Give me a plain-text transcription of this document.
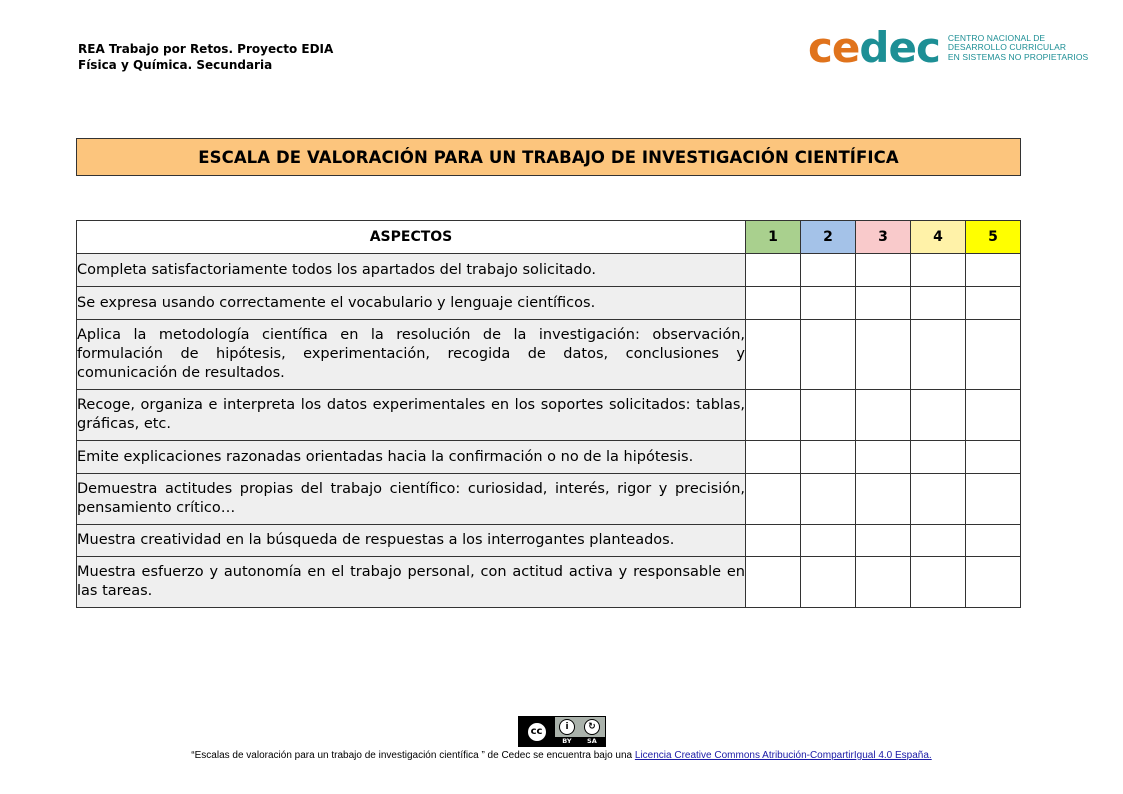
REA Trabajo por Retos. Proyecto EDIA
Física y Química. Secundaria	cedec CENTRO NACIONAL DE
DESARROLLO CURRICULAR
EN SISTEMAS NO PROPIETARIOS
ESCALA DE VALORACIÓN PARA UN TRABAJO DE INVESTIGACIÓN CIENTÍFICA
ASPECTOS	1	2	3	4	5
Completa satisfactoriamente todos los apartados del trabajo solicitado.					
Se expresa usando correctamente el vocabulario y lenguaje científicos.					
Aplica la metodología científica en la resolución de la investigación: observación, formulación de hipótesis, experimentación, recogida de datos, conclusiones y comunicación de resultados.					
Recoge, organiza e interpreta los datos experimentales en los soportes solicitados: tablas, gráficas, etc.					
Emite explicaciones razonadas orientadas hacia la confirmación o no de la hipótesis.					
Demuestra actitudes propias del trabajo científico: curiosidad, interés, rigor y precisión, pensamiento crítico…					
Muestra creatividad en la búsqueda de respuestas a los interrogantes planteados.					
Muestra esfuerzo y autonomía en el trabajo personal, con actitud activa y responsable en las tareas.					
cc	i	↻
BY SA
“Escalas de valoración para un trabajo de investigación científica ” de Cedec se encuentra bajo una Licencia Creative Commons Atribución-CompartirIgual 4.0 España.
